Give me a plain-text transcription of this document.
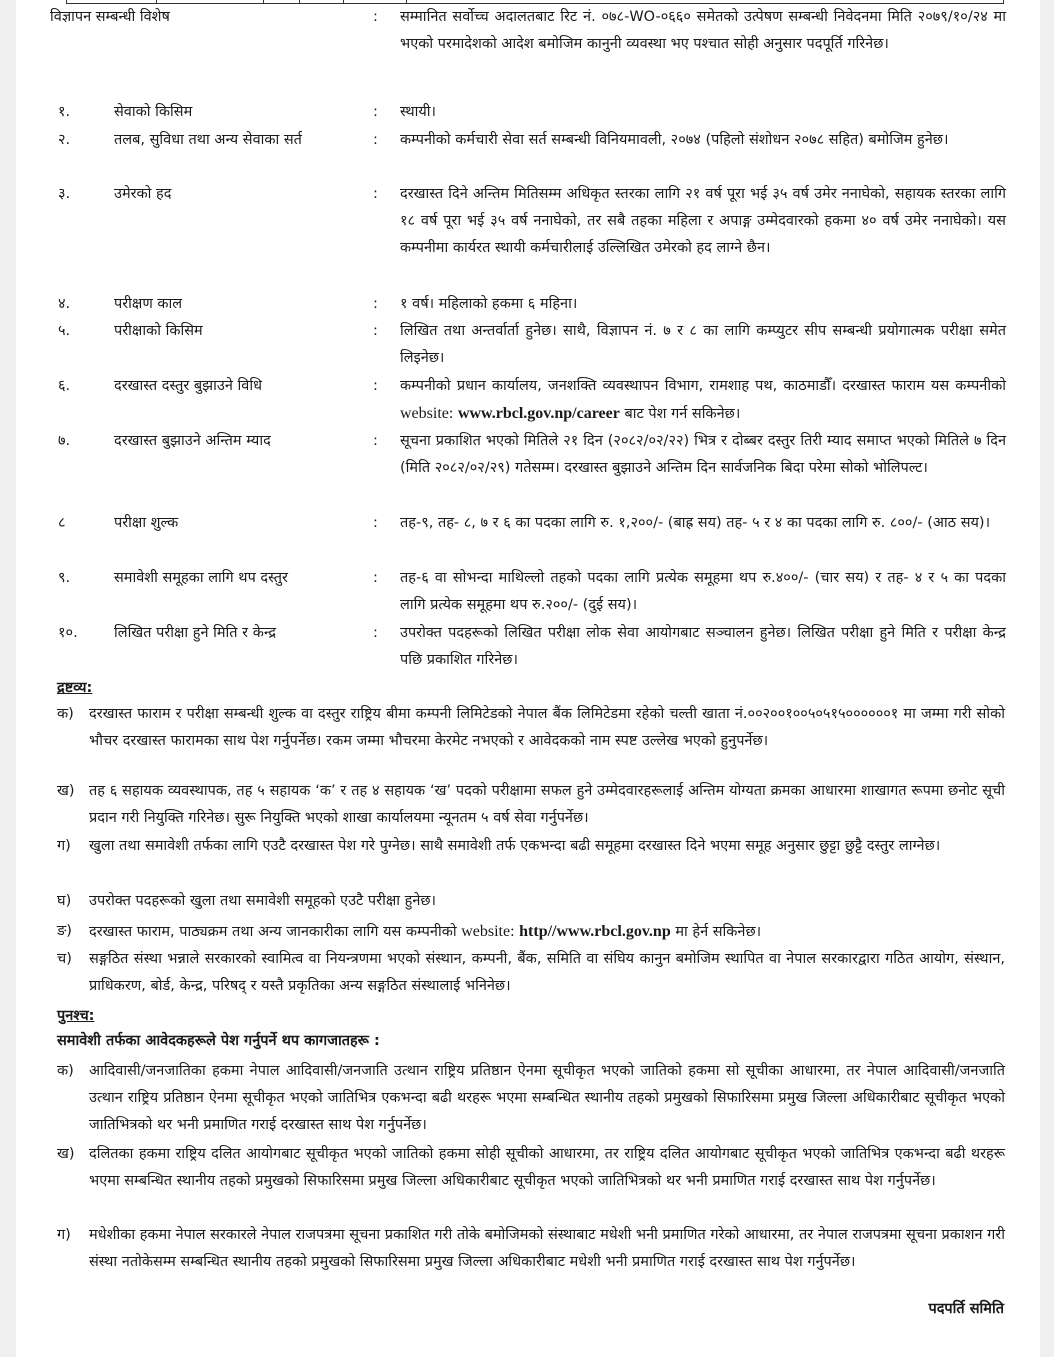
विज्ञापन सम्बन्धी विशेष	: सम्मानित सर्वोच्च अदालतबाट रिट नं. ०७८-WO-०६६० समेतको उत्पेषण सम्बन्धी निवेदनमा मिति २०७९/१०/२४ मा भएको परमादेशको आदेश बमोजिम कानुनी व्यवस्था भए पश्चात सोही अनुसार पदपूर्ति गरिनेछ।
१.	सेवाको किसिम	: स्थायी।
२.	तलब, सुविधा तथा अन्य सेवाका सर्त	: कम्पनीको कर्मचारी सेवा सर्त सम्बन्धी विनियमावली, २०७४ (पहिलो संशोधन २०७८ सहित) बमोजिम हुनेछ।
३.	उमेरको हद	: दरखास्त दिने अन्तिम मितिसम्म अधिकृत स्तरका लागि २१ वर्ष पूरा भई ३५ वर्ष उमेर ननाघेको, सहायक स्तरका लागि १८ वर्ष पूरा भई ३५ वर्ष ननाघेको, तर सबै तहका महिला र अपाङ्ग उम्मेदवारको हकमा ४० वर्ष उमेर ननाघेको। यस कम्पनीमा कार्यरत स्थायी कर्मचारीलाई उल्लिखित उमेरको हद लाग्ने छैन।
४.	परीक्षण काल	: १ वर्ष। महिलाको हकमा ६ महिना।
५.	परीक्षाको किसिम	: लिखित तथा अन्तर्वार्ता हुनेछ। साथै, विज्ञापन नं. ७ र ८ का लागि कम्प्युटर सीप सम्बन्धी प्रयोगात्मक परीक्षा समेत लिइनेछ।
६.	दरखास्त दस्तुर बुझाउने विधि	: कम्पनीको प्रधान कार्यालय, जनशक्ति व्यवस्थापन विभाग, रामशाह पथ, काठमाडौँ। दरखास्त फाराम यस कम्पनीको website: www.rbcl.gov.np/career बाट पेश गर्न सकिनेछ।
७.	दरखास्त बुझाउने अन्तिम म्याद	: सूचना प्रकाशित भएको मितिले २१ दिन (२०८२/०२/२२) भित्र र दोब्बर दस्तुर तिरी म्याद समाप्त भएको मितिले ७ दिन (मिति २०८२/०२/२९) गतेसम्म। दरखास्त बुझाउने अन्तिम दिन सार्वजनिक बिदा परेमा सोको भोलिपल्ट।
८	परीक्षा शुल्क	: तह-९, तह- ८, ७ र ६ का पदका लागि रु. १,२००/- (बाह्र सय) तह- ५ र ४ का पदका लागि रु. ८००/- (आठ सय)।
९.	समावेशी समूहका लागि थप दस्तुर	: तह-६ वा सोभन्दा माथिल्लो तहको पदका लागि प्रत्येक समूहमा थप रु.४००/- (चार सय) र तह- ४ र ५ का पदका लागि प्रत्येक समूहमा थप रु.२००/- (दुई सय)।
१०.	लिखित परीक्षा हुने मिति र केन्द्र	: उपरोक्त पदहरूको लिखित परीक्षा लोक सेवा आयोगबाट सञ्चालन हुनेछ। लिखित परीक्षा हुने मिति र परीक्षा केन्द्र पछि प्रकाशित गरिनेछ।
द्रष्टव्य:
क) दरखास्त फाराम र परीक्षा सम्बन्धी शुल्क वा दस्तुर राष्ट्रिय बीमा कम्पनी लिमिटेडको नेपाल बैंक लिमिटेडमा रहेको चल्ती खाता नं.००२००१००५०५१५००००००१ मा जम्मा गरी सोको भौचर दरखास्त फारामका साथ पेश गर्नुपर्नेछ। रकम जम्मा भौचरमा केरमेट नभएको र आवेदकको नाम स्पष्ट उल्लेख भएको हुनुपर्नेछ।
ख) तह ६ सहायक व्यवस्थापक, तह ५ सहायक ‘क’ र तह ४ सहायक ‘ख’ पदको परीक्षामा सफल हुने उम्मेदवारहरूलाई अन्तिम योग्यता क्रमका आधारमा शाखागत रूपमा छनोट सूची प्रदान गरी नियुक्ति गरिनेछ। सुरू नियुक्ति भएको शाखा कार्यालयमा न्यूनतम ५ वर्ष सेवा गर्नुपर्नेछ।
ग) खुला तथा समावेशी तर्फका लागि एउटै दरखास्त पेश गरे पुग्नेछ। साथै समावेशी तर्फ एकभन्दा बढी समूहमा दरखास्त दिने भएमा समूह अनुसार छुट्टा छुट्टै दस्तुर लाग्नेछ।
घ) उपरोक्त पदहरूको खुला तथा समावेशी समूहको एउटै परीक्षा हुनेछ।
ङ) दरखास्त फाराम, पाठ्यक्रम तथा अन्य जानकारीका लागि यस कम्पनीको website: http//www.rbcl.gov.np मा हेर्न सकिनेछ।
च) सङ्गठित संस्था भन्नाले सरकारको स्वामित्व वा नियन्त्रणमा भएको संस्थान, कम्पनी, बैंक, समिति वा संघिय कानुन बमोजिम स्थापित वा नेपाल सरकारद्वारा गठित आयोग, संस्थान, प्राधिकरण, बोर्ड, केन्द्र, परिषद् र यस्तै प्रकृतिका अन्य सङ्गठित संस्थालाई भनिनेछ।
पुनश्च:
समावेशी तर्फका आवेदकहरूले पेश गर्नुपर्ने थप कागजातहरू :
क) आदिवासी/जनजातिका हकमा नेपाल आदिवासी/जनजाति उत्थान राष्ट्रिय प्रतिष्ठान ऐनमा सूचीकृत भएको जातिको हकमा सो सूचीका आधारमा, तर नेपाल आदिवासी/जनजाति उत्थान राष्ट्रिय प्रतिष्ठान ऐनमा सूचीकृत भएको जातिभित्र एकभन्दा बढी थरहरू भएमा सम्बन्धित स्थानीय तहको प्रमुखको सिफारिसमा प्रमुख जिल्ला अधिकारीबाट सूचीकृत भएको जातिभित्रको थर भनी प्रमाणित गराई दरखास्त साथ पेश गर्नुपर्नेछ।
ख) दलितका हकमा राष्ट्रिय दलित आयोगबाट सूचीकृत भएको जातिको हकमा सोही सूचीको आधारमा, तर राष्ट्रिय दलित आयोगबाट सूचीकृत भएको जातिभित्र एकभन्दा बढी थरहरू भएमा सम्बन्धित स्थानीय तहको प्रमुखको सिफारिसमा प्रमुख जिल्ला अधिकारीबाट सूचीकृत भएको जातिभित्रको थर भनी प्रमाणित गराई दरखास्त साथ पेश गर्नुपर्नेछ।
ग) मधेशीका हकमा नेपाल सरकारले नेपाल राजपत्रमा सूचना प्रकाशित गरी तोके बमोजिमको संस्थाबाट मधेशी भनी प्रमाणित गरेको आधारमा, तर नेपाल राजपत्रमा सूचना प्रकाशन गरी संस्था नतोकेसम्म सम्बन्धित स्थानीय तहको प्रमुखको सिफारिसमा प्रमुख जिल्ला अधिकारीबाट मधेशी भनी प्रमाणित गराई दरखास्त साथ पेश गर्नुपर्नेछ।
पदपर्ति समिति
